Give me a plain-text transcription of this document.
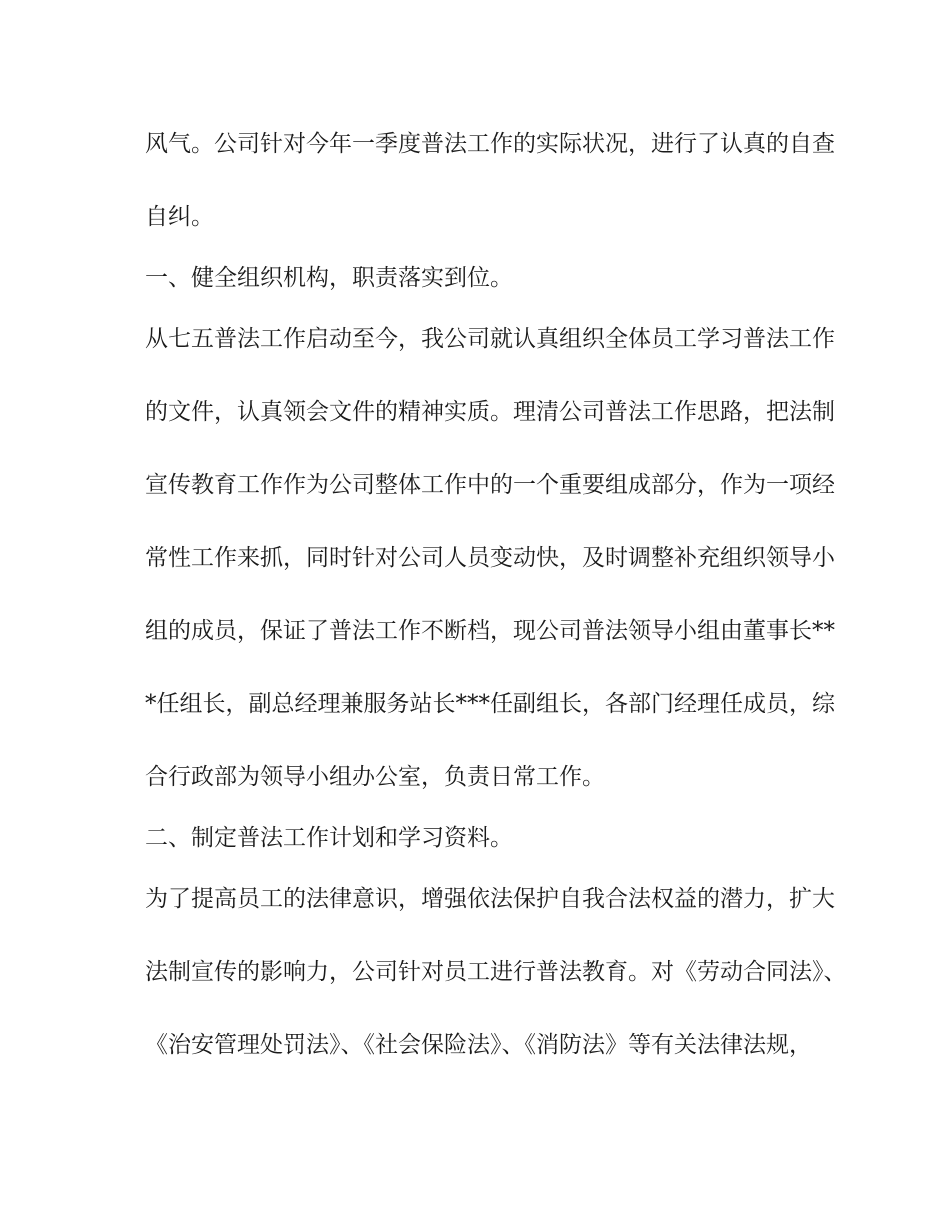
风气。公司针对今年一季度普法工作的实际状况，进行了认真的自查

自纠。

一、健全组织机构，职责落实到位。

从七五普法工作启动至今，我公司就认真组织全体员工学习普法工作

的文件，认真领会文件的精神实质。理清公司普法工作思路，把法制

宣传教育工作作为公司整体工作中的一个重要组成部分，作为一项经

常性工作来抓，同时针对公司人员变动快，及时调整补充组织领导小

组的成员，保证了普法工作不断档，现公司普法领导小组由董事长**

*任组长，副总经理兼服务站长***任副组长，各部门经理任成员，综

合行政部为领导小组办公室，负责日常工作。

二、制定普法工作计划和学习资料。

为了提高员工的法律意识，增强依法保护自我合法权益的潜力，扩大

法制宣传的影响力，公司针对员工进行普法教育。对《劳动合同法》、

《治安管理处罚法》、《社会保险法》、《消防法》等有关法律法规，
